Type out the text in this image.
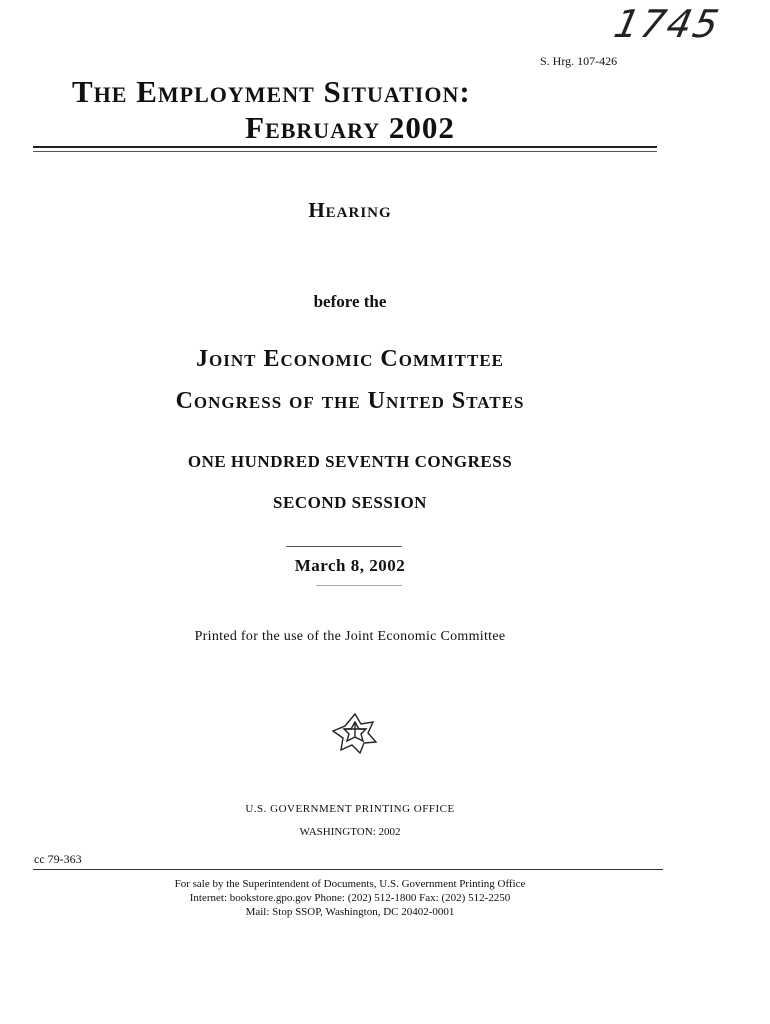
1745
S. Hrg. 107-426
The Employment Situation:
February 2002
Hearing
before the
Joint Economic Committee
Congress of the United States
ONE HUNDRED SEVENTH CONGRESS
SECOND SESSION
March 8, 2002
Printed for the use of the Joint Economic Committee
U.S. GOVERNMENT PRINTING OFFICE
WASHINGTON: 2002
cc 79-363
For sale by the Superintendent of Documents, U.S. Government Printing Office
Internet: bookstore.gpo.gov Phone: (202) 512-1800 Fax: (202) 512-2250
Mail: Stop SSOP, Washington, DC 20402-0001
